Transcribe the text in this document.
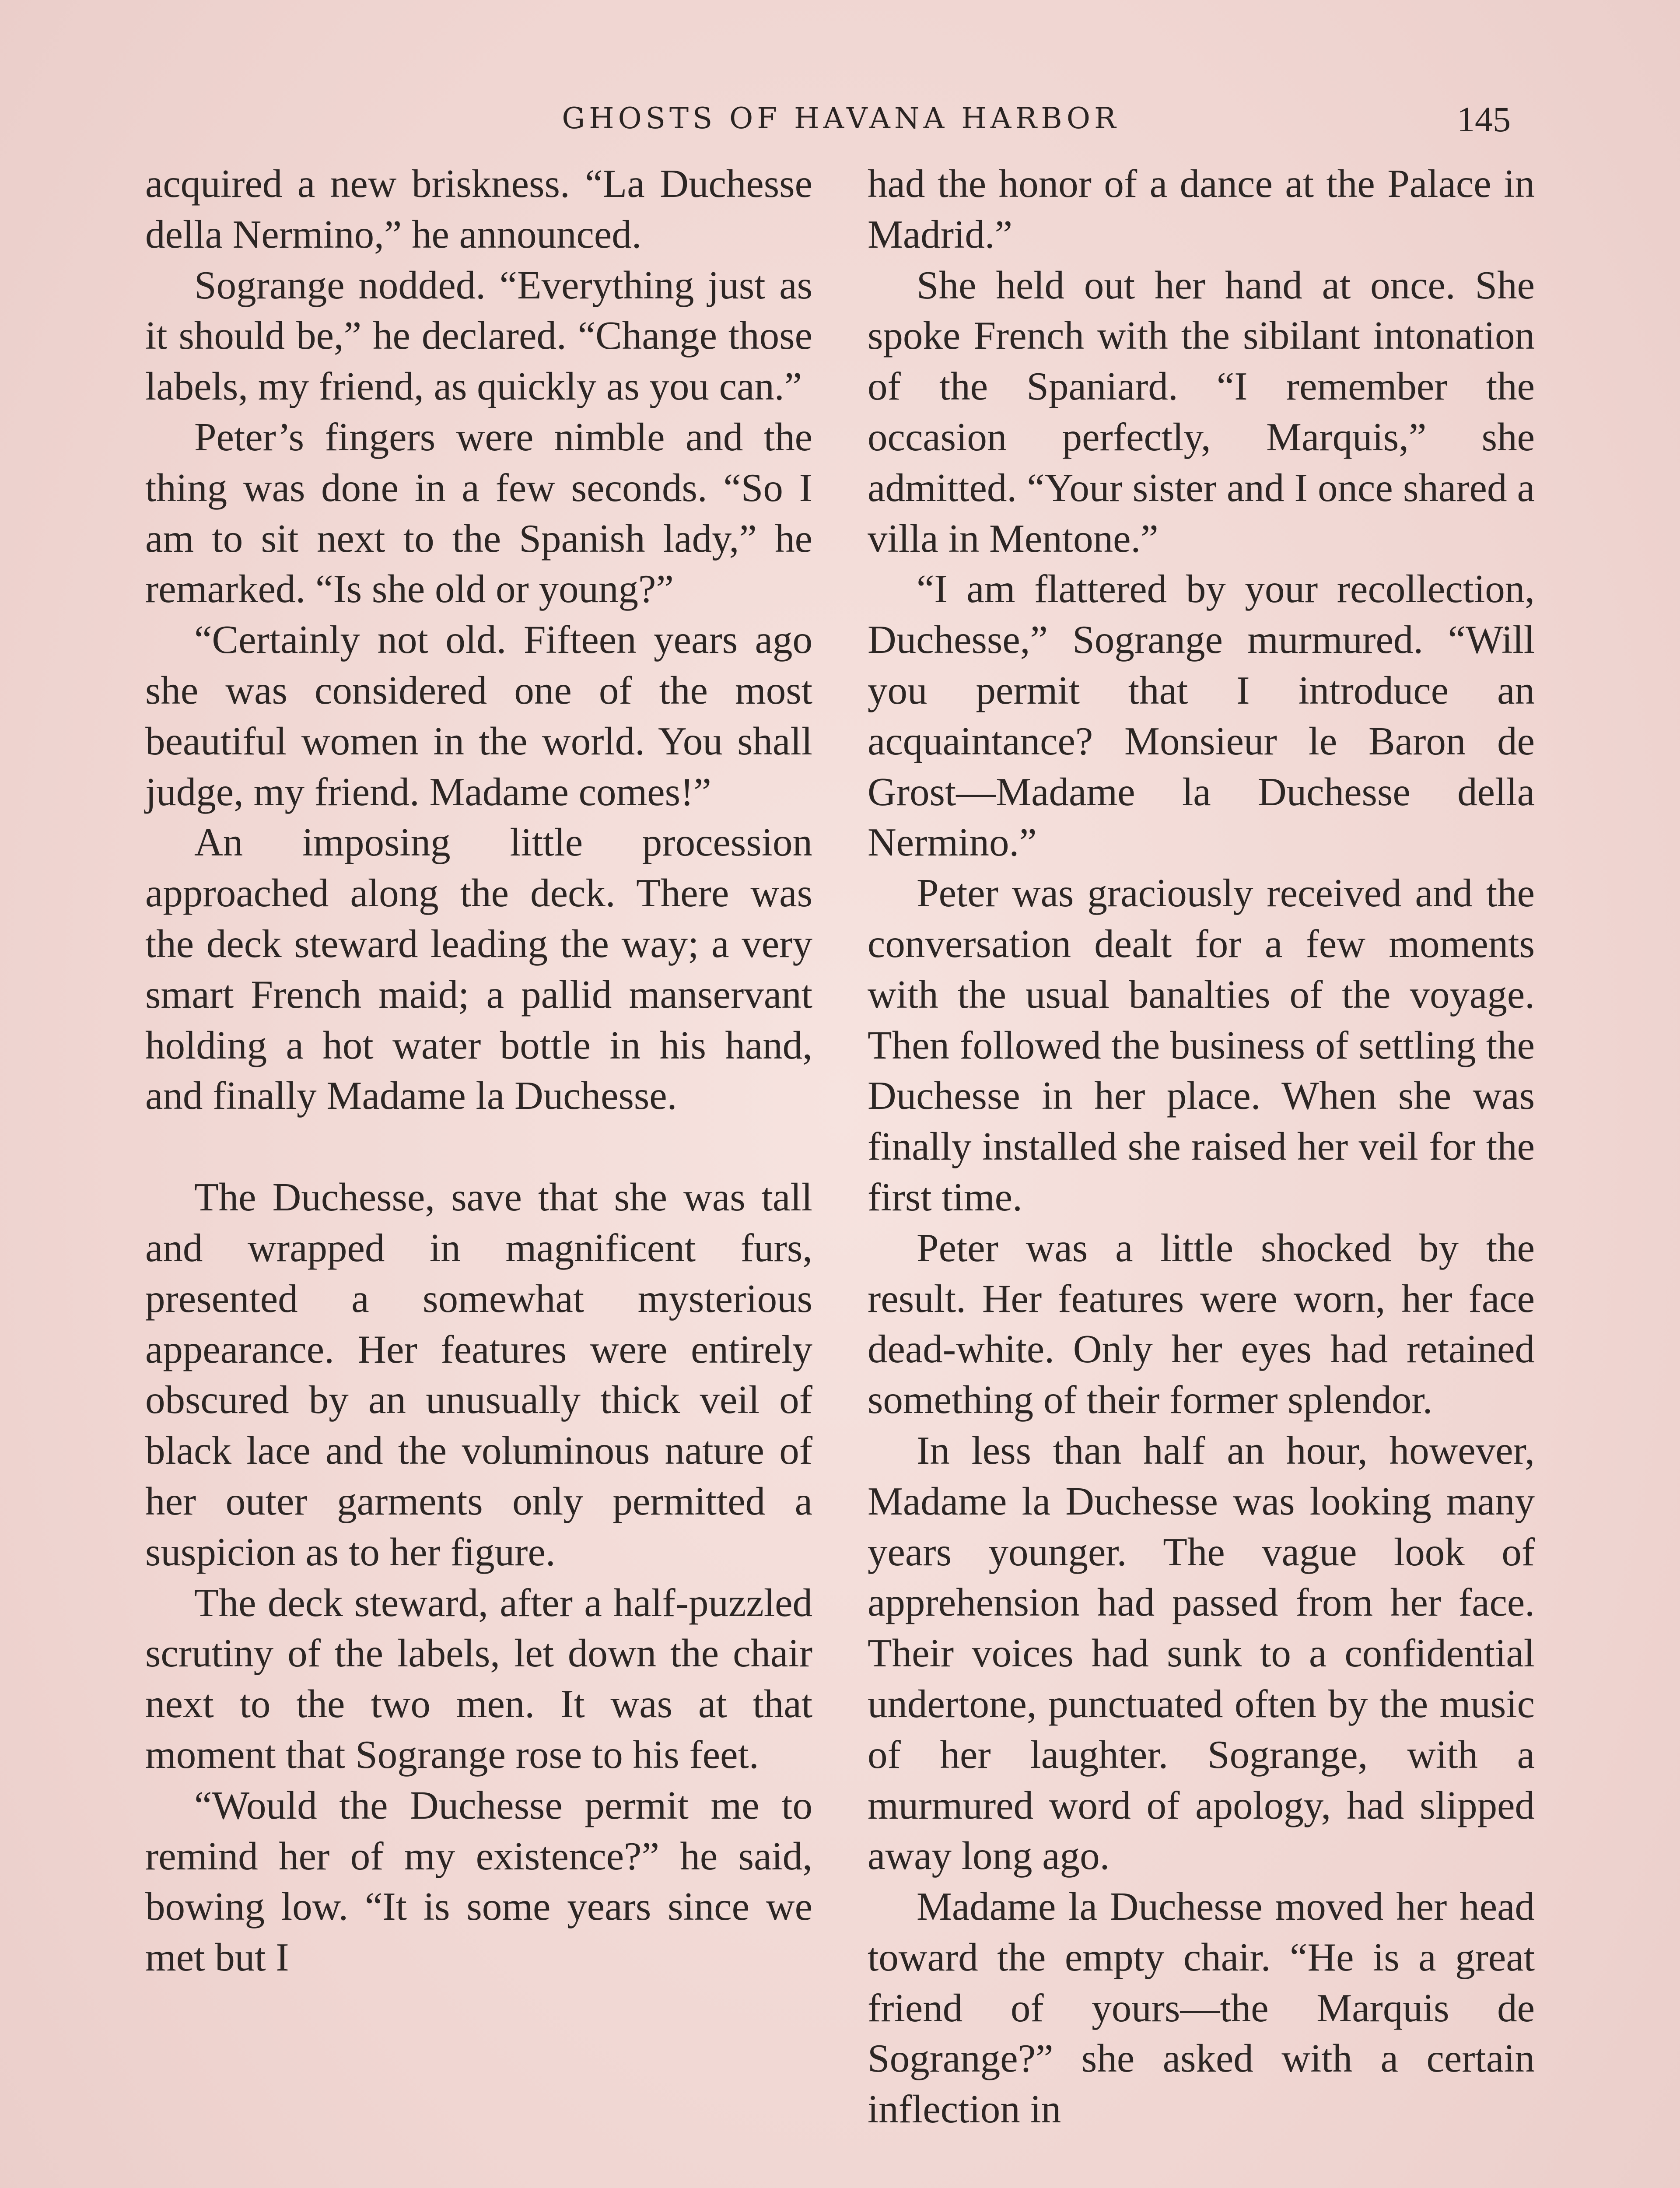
GHOSTS OF HAVANA HARBOR	145

acquired a new briskness. “La Duchesse della Nermino,” he announced.

Sogrange nodded. “Everything just as it should be,” he declared. “Change those labels, my friend, as quickly as you can.”

Peter’s fingers were nimble and the thing was done in a few seconds. “So I am to sit next to the Spanish lady,” he remarked. “Is she old or young?”

“Certainly not old. Fifteen years ago she was considered one of the most beautiful women in the world. You shall judge, my friend. Madame comes!”

An imposing little procession approached along the deck. There was the deck steward leading the way; a very smart French maid; a pallid manservant holding a hot water bottle in his hand, and finally Madame la Duchesse.

The Duchesse, save that she was tall and wrapped in magnificent furs, presented a somewhat mysterious appearance. Her features were entirely obscured by an unusually thick veil of black lace and the voluminous nature of her outer garments only permitted a suspicion as to her figure.

The deck steward, after a half-puzzled scrutiny of the labels, let down the chair next to the two men. It was at that moment that Sogrange rose to his feet.

“Would the Duchesse permit me to remind her of my existence?” he said, bowing low. “It is some years since we met but I

had the honor of a dance at the Palace in Madrid.”

She held out her hand at once. She spoke French with the sibilant intonation of the Spaniard. “I remember the occasion perfectly, Marquis,” she admitted. “Your sister and I once shared a villa in Mentone.”

“I am flattered by your recollection, Duchesse,” Sogrange murmured. “Will you permit that I introduce an acquaintance? Monsieur le Baron de Grost—Madame la Duchesse della Nermino.”

Peter was graciously received and the conversation dealt for a few moments with the usual banalties of the voyage. Then followed the business of settling the Duchesse in her place. When she was finally installed she raised her veil for the first time.

Peter was a little shocked by the result. Her features were worn, her face dead-white. Only her eyes had retained something of their former splendor.

In less than half an hour, however, Madame la Duchesse was looking many years younger. The vague look of apprehension had passed from her face. Their voices had sunk to a confidential undertone, punctuated often by the music of her laughter. Sogrange, with a murmured word of apology, had slipped away long ago.

Madame la Duchesse moved her head toward the empty chair. “He is a great friend of yours—the Marquis de Sogrange?” she asked with a certain inflection in
